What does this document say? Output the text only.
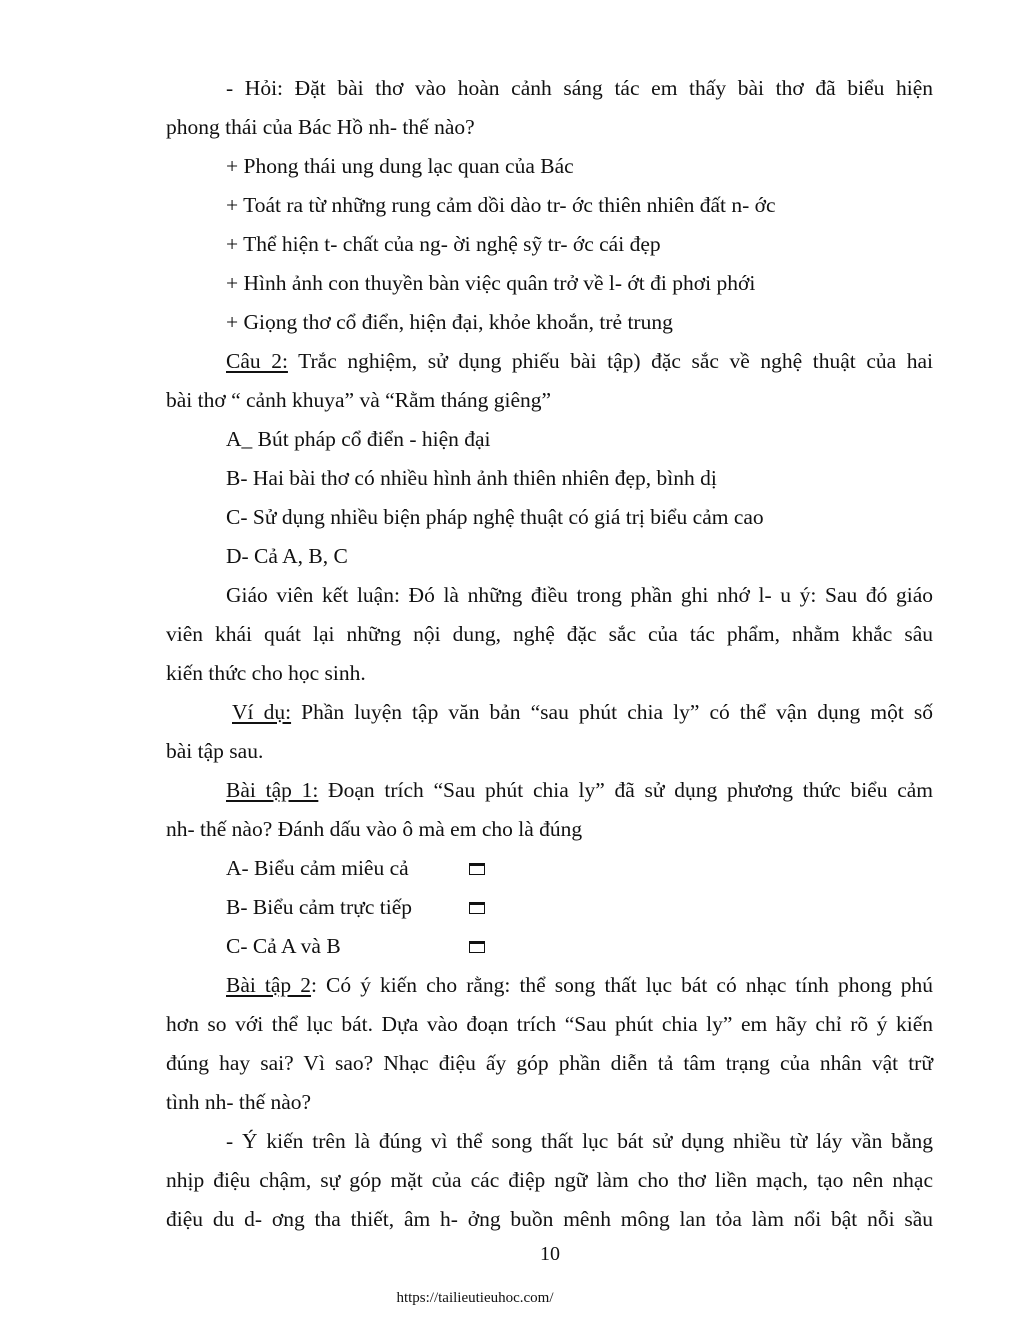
- Hỏi: Đặt bài thơ vào hoàn cảnh sáng tác em thấy bài thơ đã biểu hiện
phong thái của Bác Hồ nh- thế nào?
+ Phong thái ung dung lạc quan của Bác
+ Toát ra từ những rung cảm dồi dào tr- ớc thiên nhiên đất n- ớc
+ Thể hiện t- chất của ng- ời nghệ sỹ tr- ớc cái đẹp
+ Hình ảnh con thuyền bàn việc quân trở về l- ớt đi phơi phới
+ Giọng thơ cổ điển, hiện đại, khỏe khoắn, trẻ trung
Câu 2: Trắc nghiệm, sử dụng phiếu bài tập) đặc sắc về nghệ thuật của hai
bài thơ “ cảnh khuya” và “Rằm tháng giêng”
A_ Bút pháp cổ điển - hiện đại
B- Hai bài thơ có nhiều hình ảnh thiên nhiên đẹp, bình dị
C- Sử dụng nhiều biện pháp nghệ thuật có giá trị biểu cảm cao
D- Cả A, B, C
Giáo viên kết luận: Đó là những điều trong phần ghi nhớ l- u ý: Sau đó giáo
viên khái quát lại những nội dung, nghệ đặc sắc của tác phẩm, nhằm khắc sâu
kiến thức cho học sinh.
Ví dụ: Phần luyện tập văn bản “sau phút chia ly” có thể vận dụng một số
bài tập sau.
Bài tập 1: Đoạn trích “Sau phút chia ly” đã sử dụng phương thức biểu cảm
nh- thế nào? Đánh dấu vào ô mà em cho là đúng
A- Biểu cảm miêu cả
B- Biểu cảm trực tiếp
C- Cả A và B
Bài tập 2: Có ý kiến cho rằng: thể song thất lục bát có nhạc tính phong phú
hơn so với thể lục bát. Dựa vào đoạn trích “Sau phút chia ly” em hãy chỉ rõ ý kiến
đúng hay sai? Vì sao? Nhạc điệu ấy góp phần diễn tả tâm trạng của nhân vật trữ
tình nh- thế nào?
- Ý kiến trên là đúng vì thể song thất lục bát sử dụng nhiều từ láy vần bằng
nhịp điệu chậm, sự góp mặt của các điệp ngữ làm cho thơ liền mạch, tạo nên nhạc
điệu du d- ơng tha thiết, âm h- ởng buồn mênh mông lan tỏa làm nổi bật nỗi sầu
10
https://tailieutieuhoc.com/
